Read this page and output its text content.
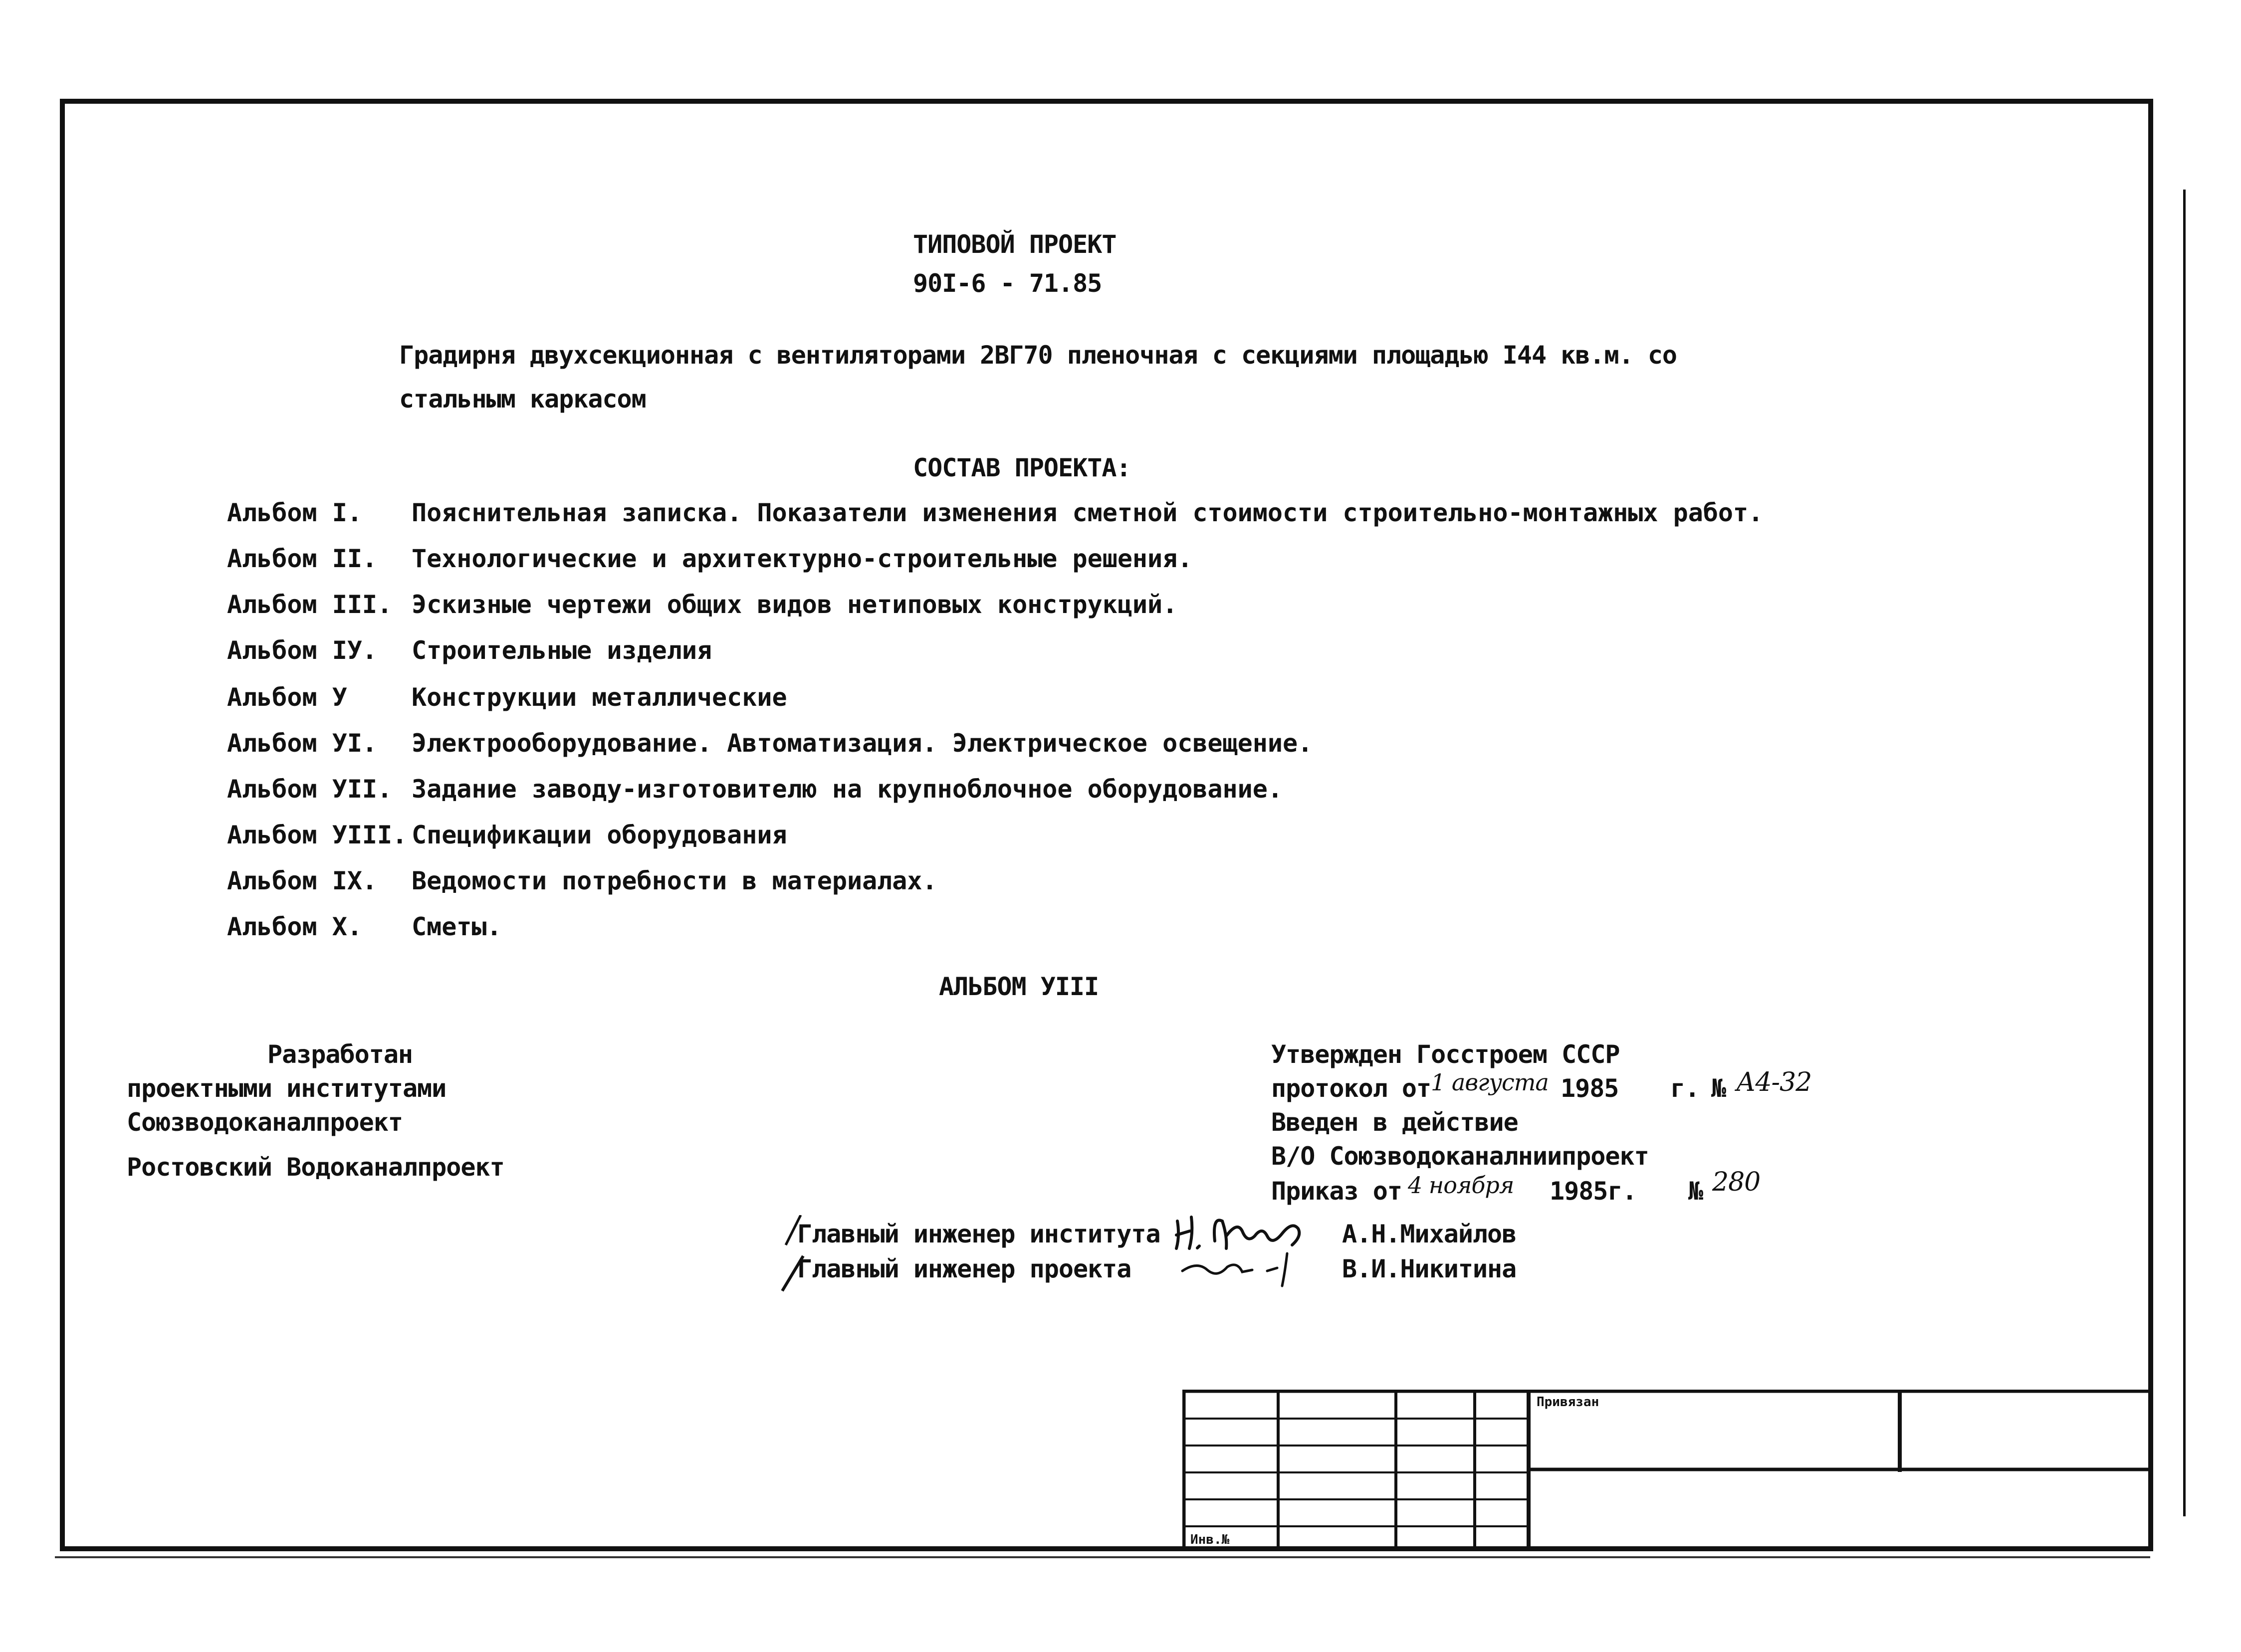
ТИПОВОЙ ПРОЕКТ
90I-6 - 71.85
Градирня двухсекционная с вентиляторами 2ВГ70 пленочная с секциями площадью I44 кв.м. со
стальным каркасом
СОСТАВ ПРОЕКТА:
Альбом I. Пояснительная записка. Показатели изменения сметной стоимости строительно-монтажных работ.
Альбом II. Технологические и архитектурно-строительные решения.
Альбом III. Эскизные чертежи общих видов нетиповых конструкций.
Альбом IУ. Строительные изделия
Альбом У	Конструкции металлические
Альбом УI. Электрооборудование. Автоматизация. Электрическое освещение.
Альбом УII. Задание заводу-изготовителю на крупноблочное оборудование.
Альбом УIII. Спецификации оборудования
Альбом IX. Ведомости потребности в материалах.
Альбом X. Сметы.
АЛЬБОМ УIII
Разработан
проектными институтами
Союзводоканалпроект
Ростовский Водоканалпроект
Утвержден Госстроем СССР
протокол от 1 августа 1985 г. № А4-32
Введен в действие
В/О Союзводоканалниипроект
Приказ от 4 ноября 1985г. № 280
Главный инженер института	А.Н.Михайлов
Главный инженер проекта	В.И.Никитина
Привязан
Инв.№
